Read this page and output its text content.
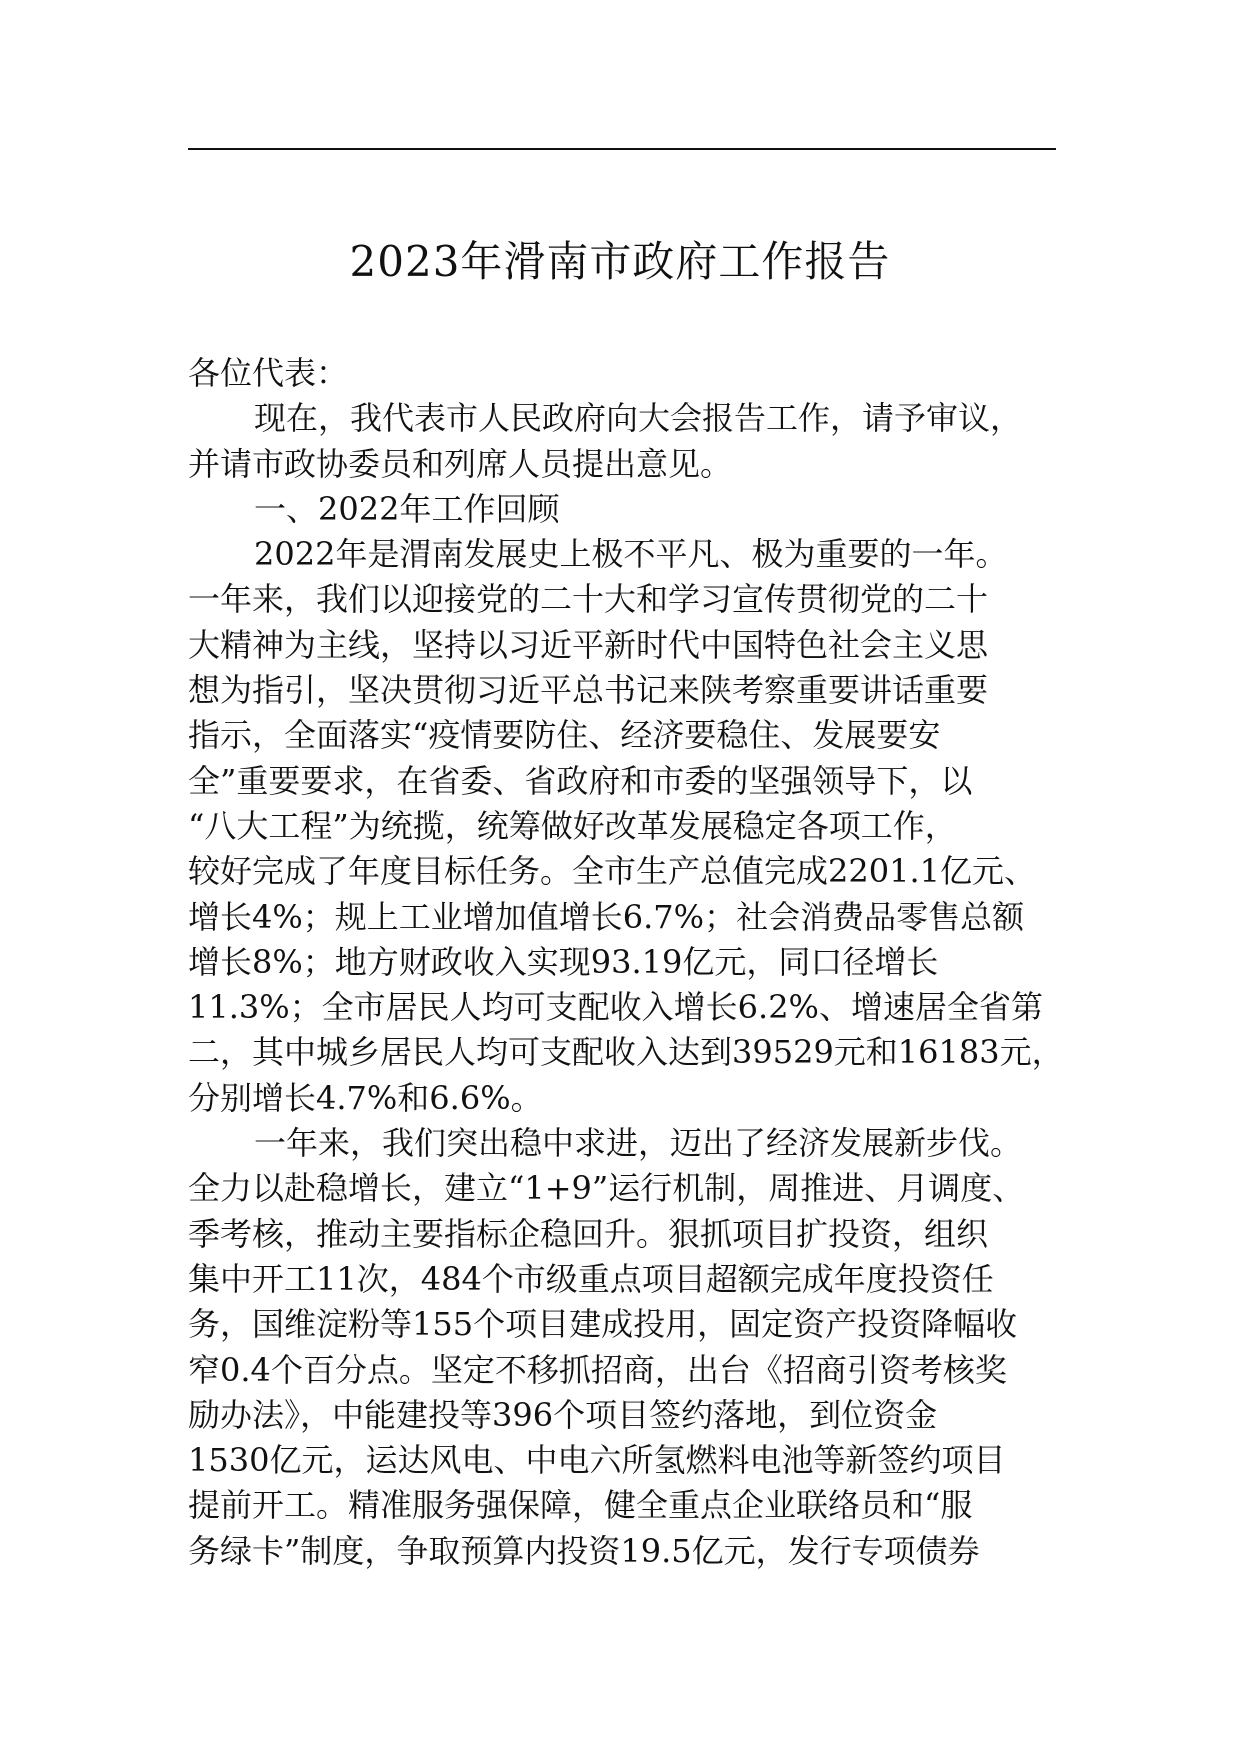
2023年滑南市政府工作报告
各位代表：
现在，我代表市人民政府向大会报告工作，请予审议，
并请市政协委员和列席人员提出意见。
一、2022年工作回顾
2022年是渭南发展史上极不平凡、极为重要的一年。
一年来，我们以迎接党的二十大和学习宣传贯彻党的二十
大精神为主线，坚持以习近平新时代中国特色社会主义思
想为指引，坚决贯彻习近平总书记来陕考察重要讲话重要
指示，全面落实“疫情要防住、经济要稳住、发展要安
全”重要要求，在省委、省政府和市委的坚强领导下，以
“八大工程”为统揽，统筹做好改革发展稳定各项工作，
较好完成了年度目标任务。全市生产总值完成2201.1亿元、
增长4%；规上工业增加值增长6.7%；社会消费品零售总额
增长8%；地方财政收入实现93.19亿元，同口径增长
11.3%；全市居民人均可支配收入增长6.2%、增速居全省第
二，其中城乡居民人均可支配收入达到39529元和16183元，
分别增长4.7%和6.6%。
一年来，我们突出稳中求进，迈出了经济发展新步伐。
全力以赴稳增长，建立“1+9”运行机制，周推进、月调度、
季考核，推动主要指标企稳回升。狠抓项目扩投资，组织
集中开工11次，484个市级重点项目超额完成年度投资任
务，国维淀粉等155个项目建成投用，固定资产投资降幅收
窄0.4个百分点。坚定不移抓招商，出台《招商引资考核奖
励办法》，中能建投等396个项目签约落地，到位资金
1530亿元，运达风电、中电六所氢燃料电池等新签约项目
提前开工。精准服务强保障，健全重点企业联络员和“服
务绿卡”制度，争取预算内投资19.5亿元，发行专项债券
